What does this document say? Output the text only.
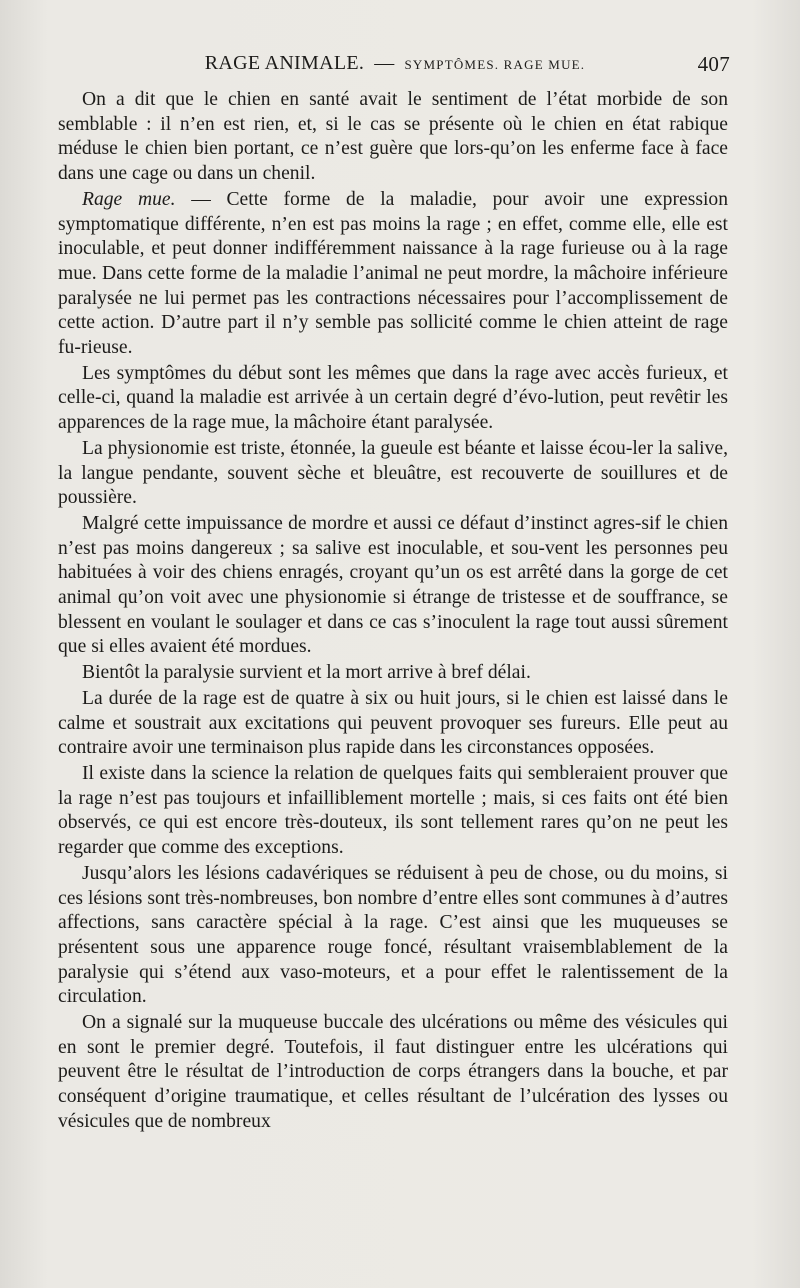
RAGE ANIMALE. — SYMPTÔMES. RAGE MUE.	407

On a dit que le chien en santé avait le sentiment de l’état morbide de son semblable : il n’en est rien, et, si le cas se présente où le chien en état rabique méduse le chien bien portant, ce n’est guère que lors-qu’on les enferme face à face dans une cage ou dans un chenil.

Rage mue. — Cette forme de la maladie, pour avoir une expression symptomatique différente, n’en est pas moins la rage ; en effet, comme elle, elle est inoculable, et peut donner indifféremment naissance à la rage furieuse ou à la rage mue. Dans cette forme de la maladie l’animal ne peut mordre, la mâchoire inférieure paralysée ne lui permet pas les contractions nécessaires pour l’accomplissement de cette action. D’autre part il n’y semble pas sollicité comme le chien atteint de rage fu-rieuse.

Les symptômes du début sont les mêmes que dans la rage avec accès furieux, et celle-ci, quand la maladie est arrivée à un certain degré d’évo-lution, peut revêtir les apparences de la rage mue, la mâchoire étant paralysée.

La physionomie est triste, étonnée, la gueule est béante et laisse écou-ler la salive, la langue pendante, souvent sèche et bleuâtre, est recouverte de souillures et de poussière.

Malgré cette impuissance de mordre et aussi ce défaut d’instinct agres-sif le chien n’est pas moins dangereux ; sa salive est inoculable, et sou-vent les personnes peu habituées à voir des chiens enragés, croyant qu’un os est arrêté dans la gorge de cet animal qu’on voit avec une physionomie si étrange de tristesse et de souffrance, se blessent en voulant le soulager et dans ce cas s’inoculent la rage tout aussi sûrement que si elles avaient été mordues.

Bientôt la paralysie survient et la mort arrive à bref délai.

La durée de la rage est de quatre à six ou huit jours, si le chien est laissé dans le calme et soustrait aux excitations qui peuvent provoquer ses fureurs. Elle peut au contraire avoir une terminaison plus rapide dans les circonstances opposées.

Il existe dans la science la relation de quelques faits qui sembleraient prouver que la rage n’est pas toujours et infailliblement mortelle ; mais, si ces faits ont été bien observés, ce qui est encore très-douteux, ils sont tellement rares qu’on ne peut les regarder que comme des exceptions.

Jusqu’alors les lésions cadavériques se réduisent à peu de chose, ou du moins, si ces lésions sont très-nombreuses, bon nombre d’entre elles sont communes à d’autres affections, sans caractère spécial à la rage. C’est ainsi que les muqueuses se présentent sous une apparence rouge foncé, résultant vraisemblablement de la paralysie qui s’étend aux vaso-moteurs, et a pour effet le ralentissement de la circulation.

On a signalé sur la muqueuse buccale des ulcérations ou même des vésicules qui en sont le premier degré. Toutefois, il faut distinguer entre les ulcérations qui peuvent être le résultat de l’introduction de corps étrangers dans la bouche, et par conséquent d’origine traumatique, et celles résultant de l’ulcération des lysses ou vésicules que de nombreux
